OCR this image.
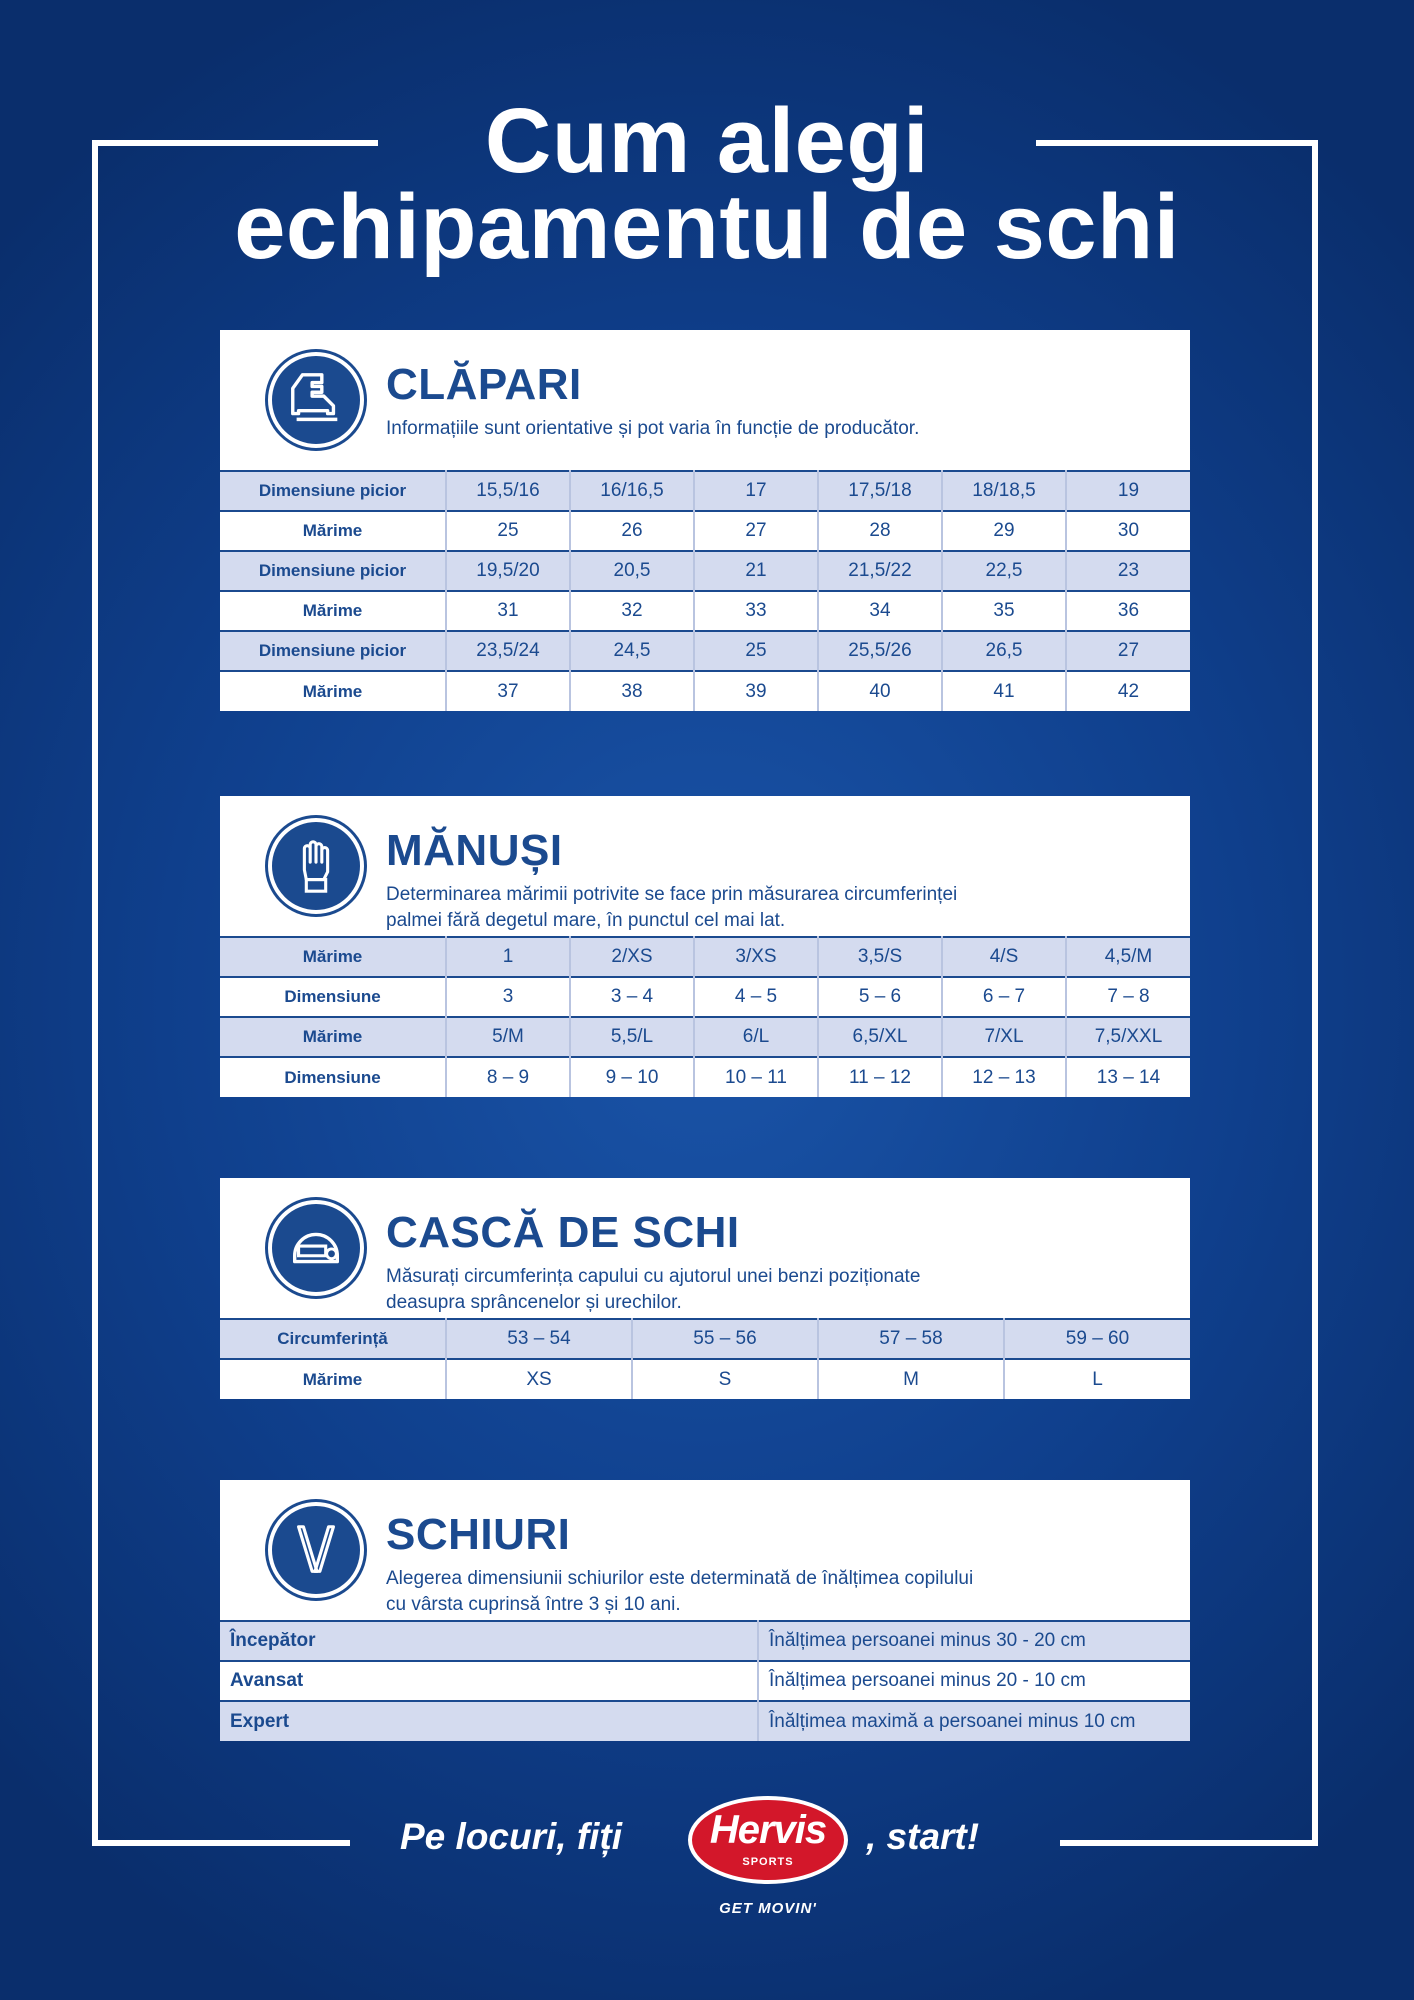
Cum alegi
echipamentul de schi
CLĂPARI
Informațiile sunt orientative și pot varia în funcție de producător.
Dimensiune picior	15,5/16	16/16,5	17	17,5/18	18/18,5	19
Mărime	25	26	27	28	29	30
Dimensiune picior	19,5/20	20,5	21	21,5/22	22,5	23
Mărime	31	32	33	34	35	36
Dimensiune picior	23,5/24	24,5	25	25,5/26	26,5	27
Mărime	37	38	39	40	41	42
MĂNUȘI
Determinarea mărimii potrivite se face prin măsurarea circumferinței
palmei fără degetul mare, în punctul cel mai lat.
Mărime	1	2/XS	3/XS	3,5/S	4/S	4,5/M
Dimensiune	3	3 – 4	4 – 5	5 – 6	6 – 7	7 – 8
Mărime	5/M	5,5/L	6/L	6,5/XL	7/XL	7,5/XXL
Dimensiune	8 – 9	9 – 10	10 – 11	11 – 12	12 – 13	13 – 14
CASCĂ DE SCHI
Măsurați circumferința capului cu ajutorul unei benzi poziționate
deasupra sprâncenelor și urechilor.
Circumferință	53 – 54	55 – 56	57 – 58	59 – 60
Mărime	XS	S	M	L
SCHIURI
Alegerea dimensiunii schiurilor este determinată de înălțimea copilului
cu vârsta cuprinsă între 3 și 10 ani.
Începător	Înălțimea persoanei minus 30 - 20 cm
Avansat	Înălțimea persoanei minus 20 - 10 cm
Expert	Înălțimea maximă a persoanei minus 10 cm
Pe locuri, fiți	, start!
Hervis
SPORTS
GET MOVIN'
